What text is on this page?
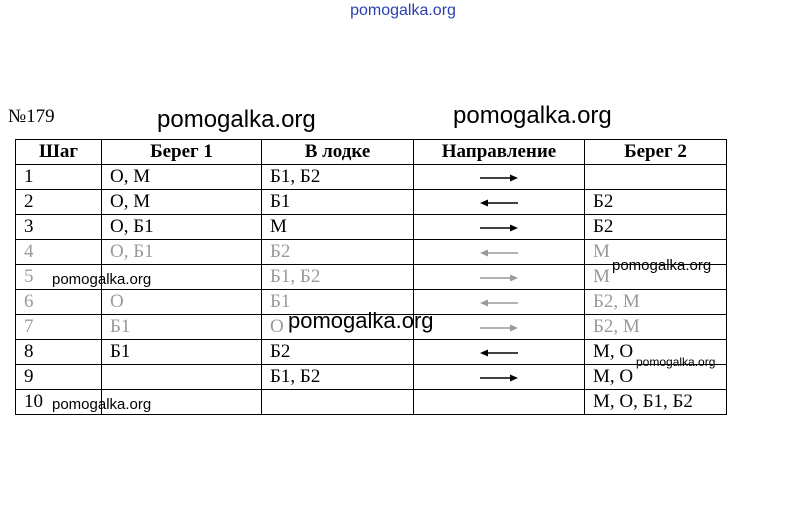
pomogalka.org
№179	pomogalka.org	pomogalka.org
Шаг	Берег 1	В лодке	Направление	Берег 2
1	О, М	Б1, Б2		
2	О, М	Б1		Б2
3	О, Б1	М		Б2
4	О, Б1	Б2		М
5		Б1, Б2		М
6	О	Б1		Б2, М
7	Б1	О		Б2, М
8	Б1	Б2		М, О
9		Б1, Б2		М, О
10				М, О, Б1, Б2
pomogalka.org
pomogalka.org
pomogalka.org
pomogalka.org
pomogalka.org
